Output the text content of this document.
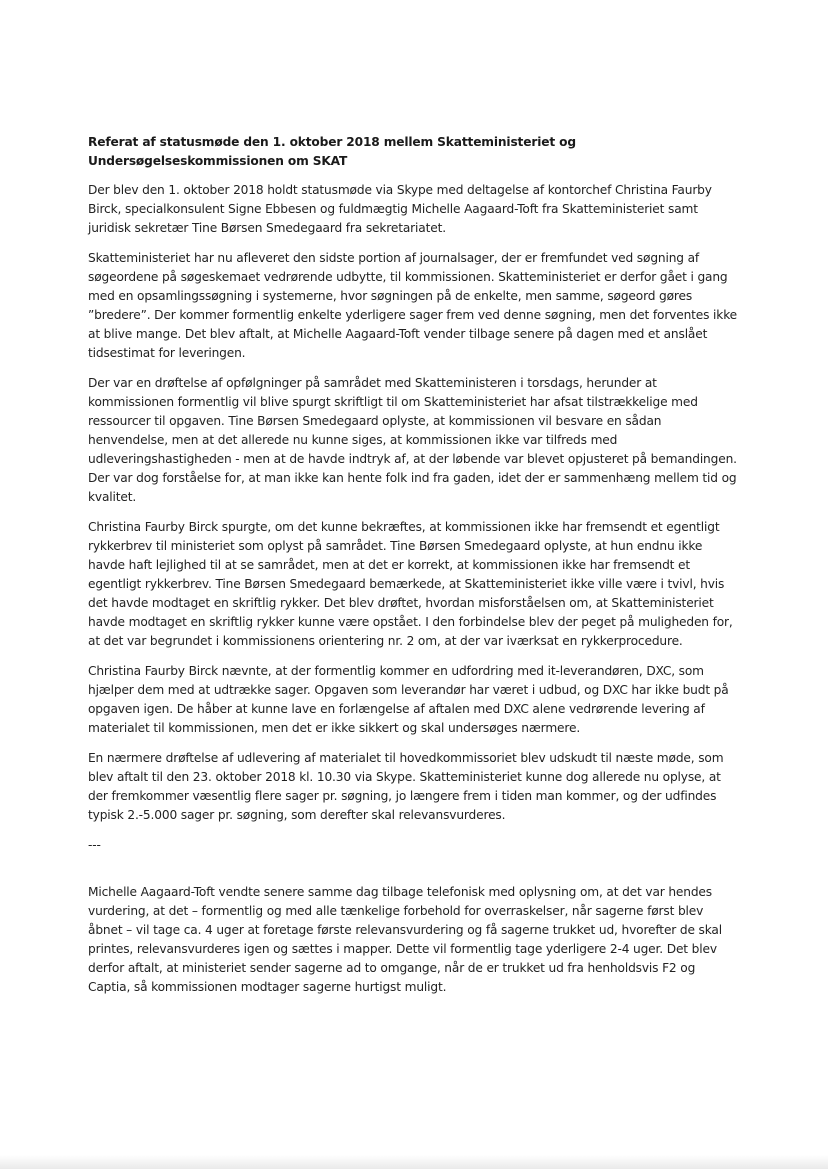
Referat af statusmøde den 1. oktober 2018 mellem Skatteministeriet og Undersøgelseskommissionen om SKAT

Der blev den 1. oktober 2018 holdt statusmøde via Skype med deltagelse af kontorchef Christina Faurby Birck, specialkonsulent Signe Ebbesen og fuldmægtig Michelle Aagaard-Toft fra Skatteministeriet samt juridisk sekretær Tine Børsen Smedegaard fra sekretariatet.

Skatteministeriet har nu afleveret den sidste portion af journalsager, der er fremfundet ved søgning af søgeordene på søgeskemaet vedrørende udbytte, til kommissionen. Skatteministeriet er derfor gået i gang med en opsamlingssøgning i systemerne, hvor søgningen på de enkelte, men samme, søgeord gøres ”bredere”. Der kommer formentlig enkelte yderligere sager frem ved denne søgning, men det forventes ikke at blive mange. Det blev aftalt, at Michelle Aagaard-Toft vender tilbage senere på dagen med et anslået tidsestimat for leveringen.

Der var en drøftelse af opfølgninger på samrådet med Skatteministeren i torsdags, herunder at kommissionen formentlig vil blive spurgt skriftligt til om Skatteministeriet har afsat tilstrækkelige med ressourcer til opgaven. Tine Børsen Smedegaard oplyste, at kommissionen vil besvare en sådan henvendelse, men at det allerede nu kunne siges, at kommissionen ikke var tilfreds med udleveringshastigheden - men at de havde indtryk af, at der løbende var blevet opjusteret på bemandingen. Der var dog forståelse for, at man ikke kan hente folk ind fra gaden, idet der er sammenhæng mellem tid og kvalitet.

Christina Faurby Birck spurgte, om det kunne bekræftes, at kommissionen ikke har fremsendt et egentligt rykkerbrev til ministeriet som oplyst på samrådet. Tine Børsen Smedegaard oplyste, at hun endnu ikke havde haft lejlighed til at se samrådet, men at det er korrekt, at kommissionen ikke har fremsendt et egentligt rykkerbrev. Tine Børsen Smedegaard bemærkede, at Skatteministeriet ikke ville være i tvivl, hvis det havde modtaget en skriftlig rykker. Det blev drøftet, hvordan misforståelsen om, at Skatteministeriet havde modtaget en skriftlig rykker kunne være opstået. I den forbindelse blev der peget på muligheden for, at det var begrundet i kommissionens orientering nr. 2 om, at der var iværksat en rykkerprocedure.

Christina Faurby Birck nævnte, at der formentlig kommer en udfordring med it-leverandøren, DXC, som hjælper dem med at udtrække sager. Opgaven som leverandør har været i udbud, og DXC har ikke budt på opgaven igen. De håber at kunne lave en forlængelse af aftalen med DXC alene vedrørende levering af materialet til kommissionen, men det er ikke sikkert og skal undersøges nærmere.

En nærmere drøftelse af udlevering af materialet til hovedkommissoriet blev udskudt til næste møde, som blev aftalt til den 23. oktober 2018 kl. 10.30 via Skype. Skatteministeriet kunne dog allerede nu oplyse, at der fremkommer væsentlig flere sager pr. søgning, jo længere frem i tiden man kommer, og der udfindes typisk 2.-5.000 sager pr. søgning, som derefter skal relevansvurderes.

---

Michelle Aagaard-Toft vendte senere samme dag tilbage telefonisk med oplysning om, at det var hendes vurdering, at det – formentlig og med alle tænkelige forbehold for overraskelser, når sagerne først blev åbnet – vil tage ca. 4 uger at foretage første relevansvurdering og få sagerne trukket ud, hvorefter de skal printes, relevansvurderes igen og sættes i mapper. Dette vil formentlig tage yderligere 2-4 uger. Det blev derfor aftalt, at ministeriet sender sagerne ad to omgange, når de er trukket ud fra henholdsvis F2 og Captia, så kommissionen modtager sagerne hurtigst muligt.
